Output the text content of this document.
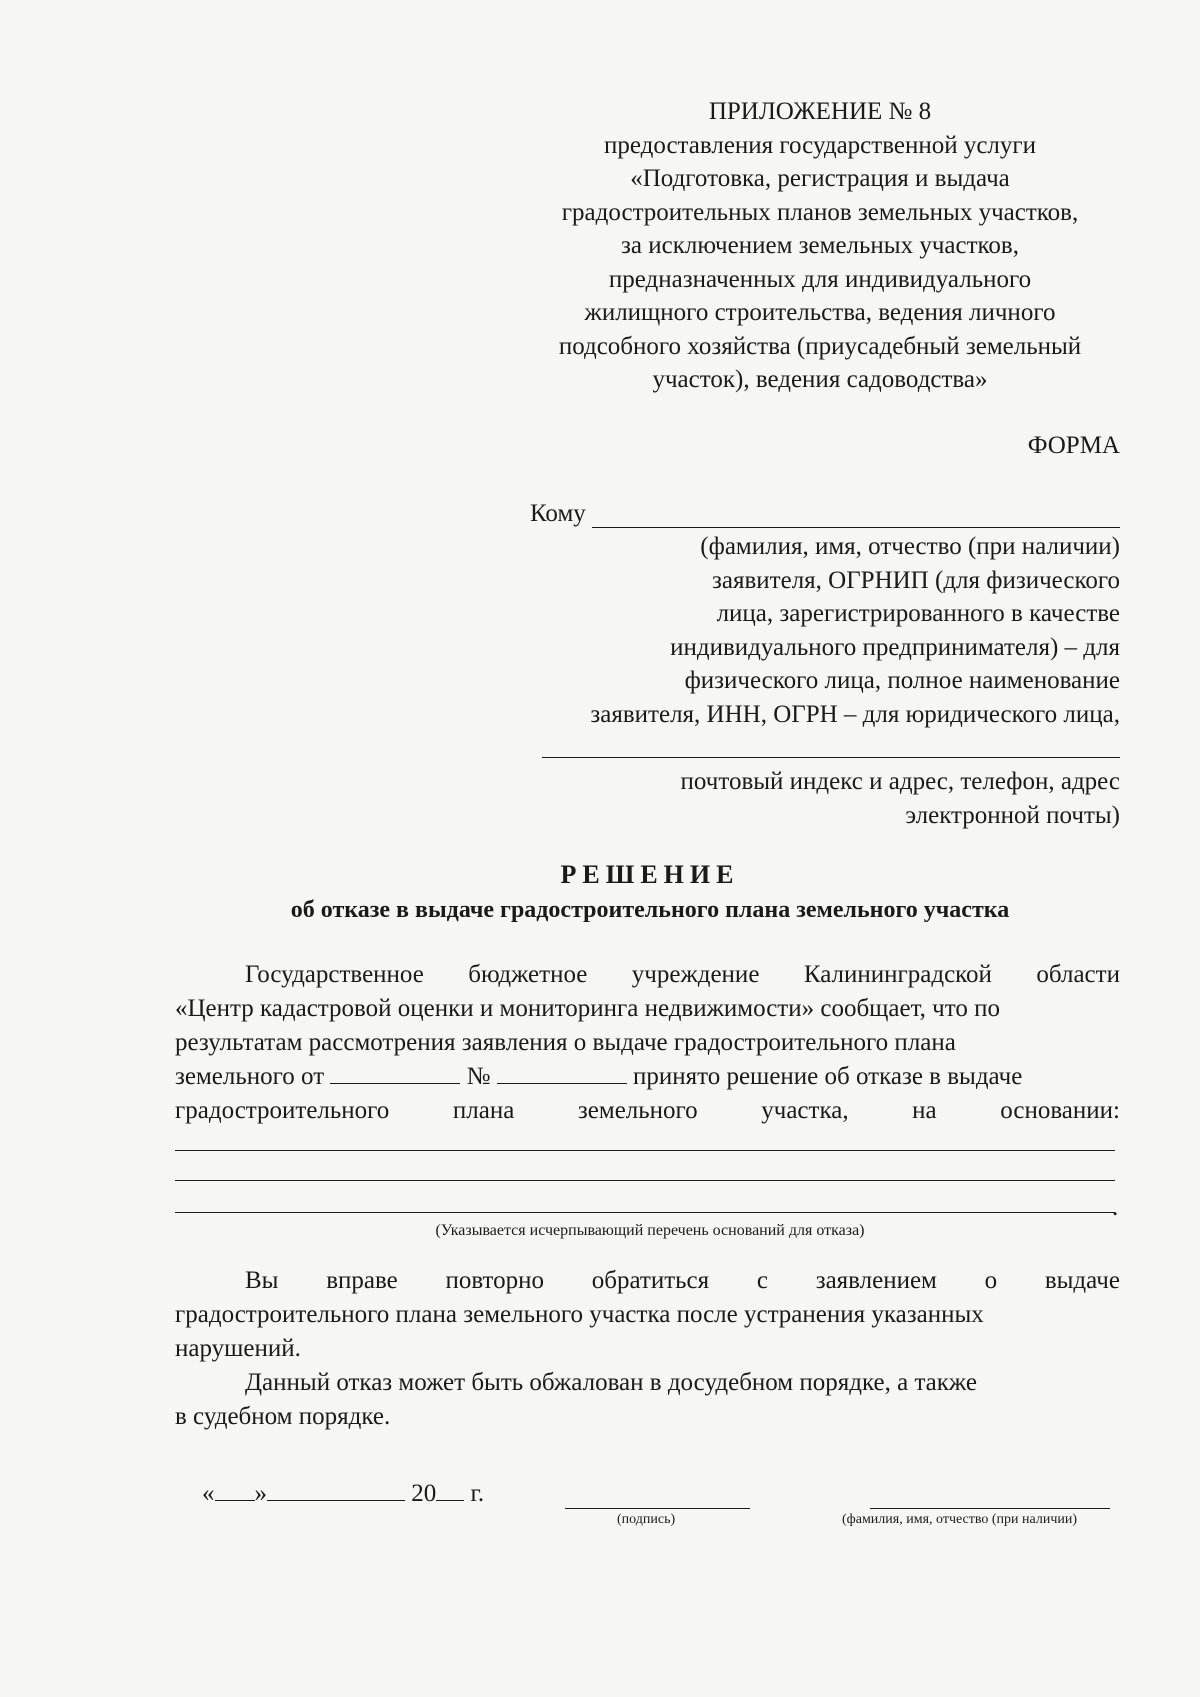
ПРИЛОЖЕНИЕ № 8
предоставления государственной услуги
«Подготовка, регистрация и выдача
градостроительных планов земельных участков,
за исключением земельных участков,
предназначенных для индивидуального
жилищного строительства, ведения личного
подсобного хозяйства (приусадебный земельный
участок), ведения садоводства»
ФОРМА
Кому
(фамилия, имя, отчество (при наличии)
заявителя, ОГРНИП (для физического
лица, зарегистрированного в качестве
индивидуального предпринимателя) – для
физического лица, полное наименование
заявителя, ИНН, ОГРН – для юридического лица,
почтовый индекс и адрес, телефон, адрес
электронной почты)
РЕШЕНИЕ
об отказе в выдаче градостроительного плана земельного участка
Государственное бюджетное учреждение Калининградской области
«Центр кадастровой оценки и мониторинга недвижимости» сообщает, что по
результатам рассмотрения заявления о выдаче градостроительного плана
земельного от	№	принято решение об отказе в выдаче
градостроительного	плана	земельного	участка,	на	основании:
.
(Указывается исчерпывающий перечень оснований для отказа)
Вы вправе повторно обратиться с заявлением о выдаче
градостроительного плана земельного участка после устранения указанных
нарушений.
Данный отказ может быть обжалован в досудебном порядке, а также
в судебном порядке.
« »	20 г.
(подпись)	(фамилия, имя, отчество (при наличии)
